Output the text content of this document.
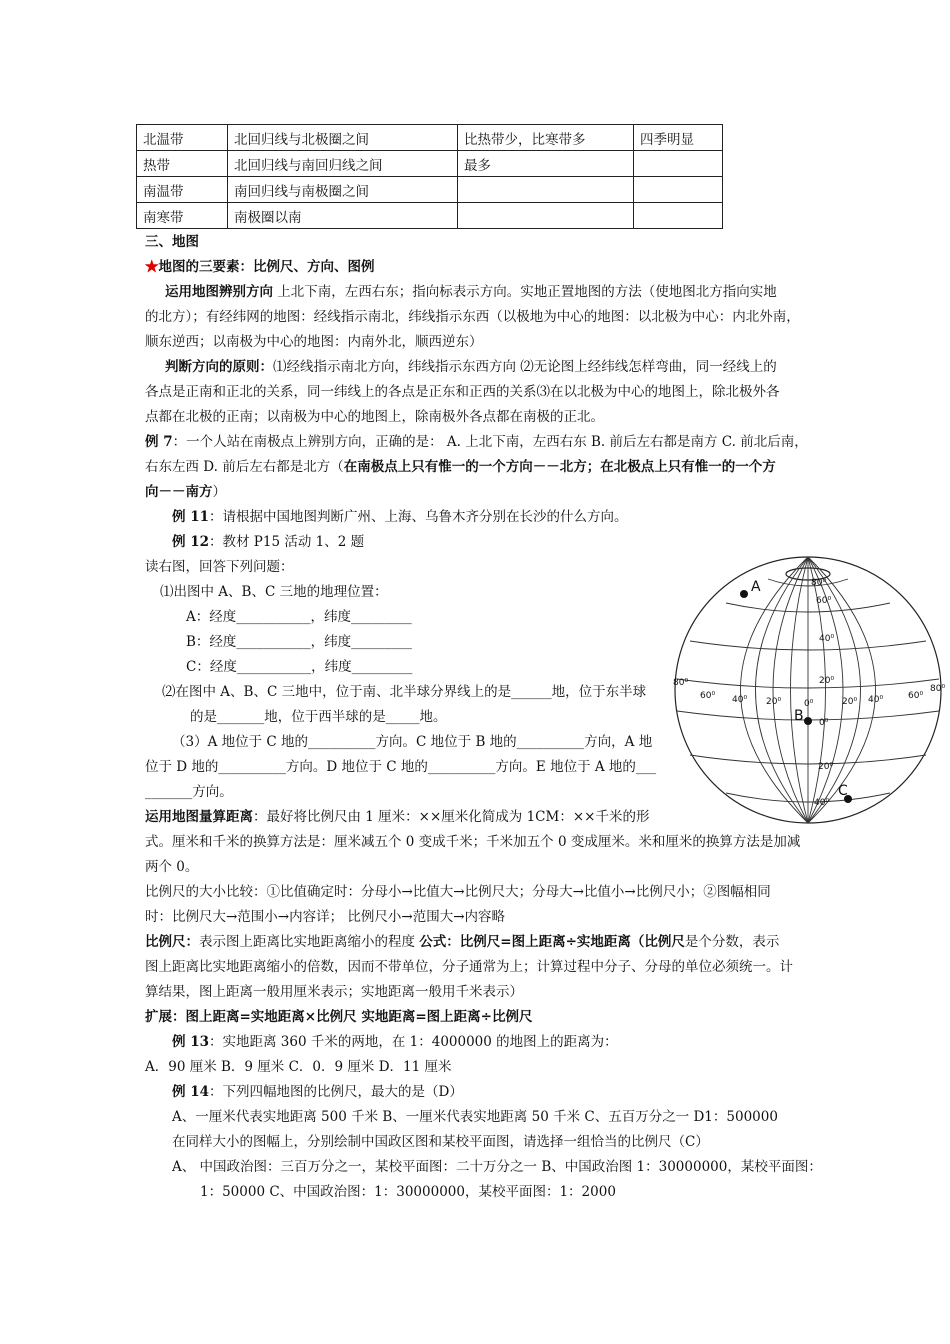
北温带	北回归线与北极圈之间	比热带少，比寒带多	四季明显
热带	北回归线与南回归线之间	最多	
南温带	南回归线与南极圈之间		
南寒带	南极圈以南		
三、地图
★地图的三要素：比例尺、方向、图例
运用地图辨别方向 上北下南，左西右东；指向标表示方向。实地正置地图的方法（使地图北方指向实地
的北方）；有经纬网的地图：经线指示南北，纬线指示东西（以极地为中心的地图：以北极为中心：内北外南，
顺东逆西；以南极为中心的地图：内南外北，顺西逆东）
判断方向的原则：⑴经线指示南北方向，纬线指示东西方向 ⑵无论图上经纬线怎样弯曲，同一经线上的
各点是正南和正北的关系，同一纬线上的各点是正东和正西的关系⑶在以北极为中心的地图上，除北极外各
点都在北极的正南；以南极为中心的地图上，除南极外各点都在南极的正北。
例 7：一个人站在南极点上辨别方向，正确的是： A. 上北下南，左西右东 B. 前后左右都是南方 C. 前北后南，
右东左西 D. 前后左右都是北方（在南极点上只有惟一的一个方向－－北方；在北极点上只有惟一的一个方
向－－南方）
例 11：请根据中国地图判断广州、上海、乌鲁木齐分别在长沙的什么方向。
例 12：教材 P15 活动 1、2 题
读右图，回答下列问题：
⑴出图中 A、B、C 三地的地理位置：
A：经度___________，纬度_________
B：经度___________，纬度_________
C：经度___________，纬度_________
⑵在图中 A、B、C 三地中，位于南、北半球分界线上的是______地，位于东半球
的是_______地，位于西半球的是_____地。
（3）A 地位于 C 地的__________方向。C 地位于 B 地的__________方向，A 地
位于 D 地的__________方向。D 地位于 C 地的__________方向。E 地位于 A 地的___
_______方向。
运用地图量算距离：最好将比例尺由 1 厘米：××厘米化简成为 1CM：××千米的形
式。厘米和千米的换算方法是：厘米减五个 0 变成千米；千米加五个 0 变成厘米。米和厘米的换算方法是加减
两个 0。
比例尺的大小比较：①比值确定时：分母小→比值大→比例尺大；分母大→比值小→比例尺小；②图幅相同
时：比例尺大→范围小→内容详； 比例尺小→范围大→内容略
比例尺：表示图上距离比实地距离缩小的程度 公式：比例尺=图上距离÷实地距离（比例尺是个分数，表示
图上距离比实地距离缩小的倍数，因而不带单位，分子通常为上；计算过程中分子、分母的单位必须统一。计
算结果，图上距离一般用厘米表示；实地距离一般用千米表示）
扩展：图上距离=实地距离×比例尺 实地距离=图上距离÷比例尺
例 13：实地距离 360 千米的两地，在 1：4000000 的地图上的距离为：
A．90 厘米 B．9 厘米 C．0．9 厘米 D．11 厘米
例 14：下列四幅地图的比例尺，最大的是（D）
A、一厘米代表实地距离 500 千米 B、一厘米代表实地距离 50 千米 C、五百万分之一 D1：500000
在同样大小的图幅上，分别绘制中国政区图和某校平面图，请选择一组恰当的比例尺（C）
A、 中国政治图：三百万分之一，某校平面图：二十万分之一 B、中国政治图 1：30000000，某校平面图：
1：50000 C、中国政治图：1：30000000，某校平面图：1：2000
80⁰
60⁰
40⁰
20⁰
0⁰
20⁰
40⁰
80⁰
60⁰ 40⁰ 20⁰	0⁰	20⁰ 40⁰	60⁰
80⁰
A
B
C
